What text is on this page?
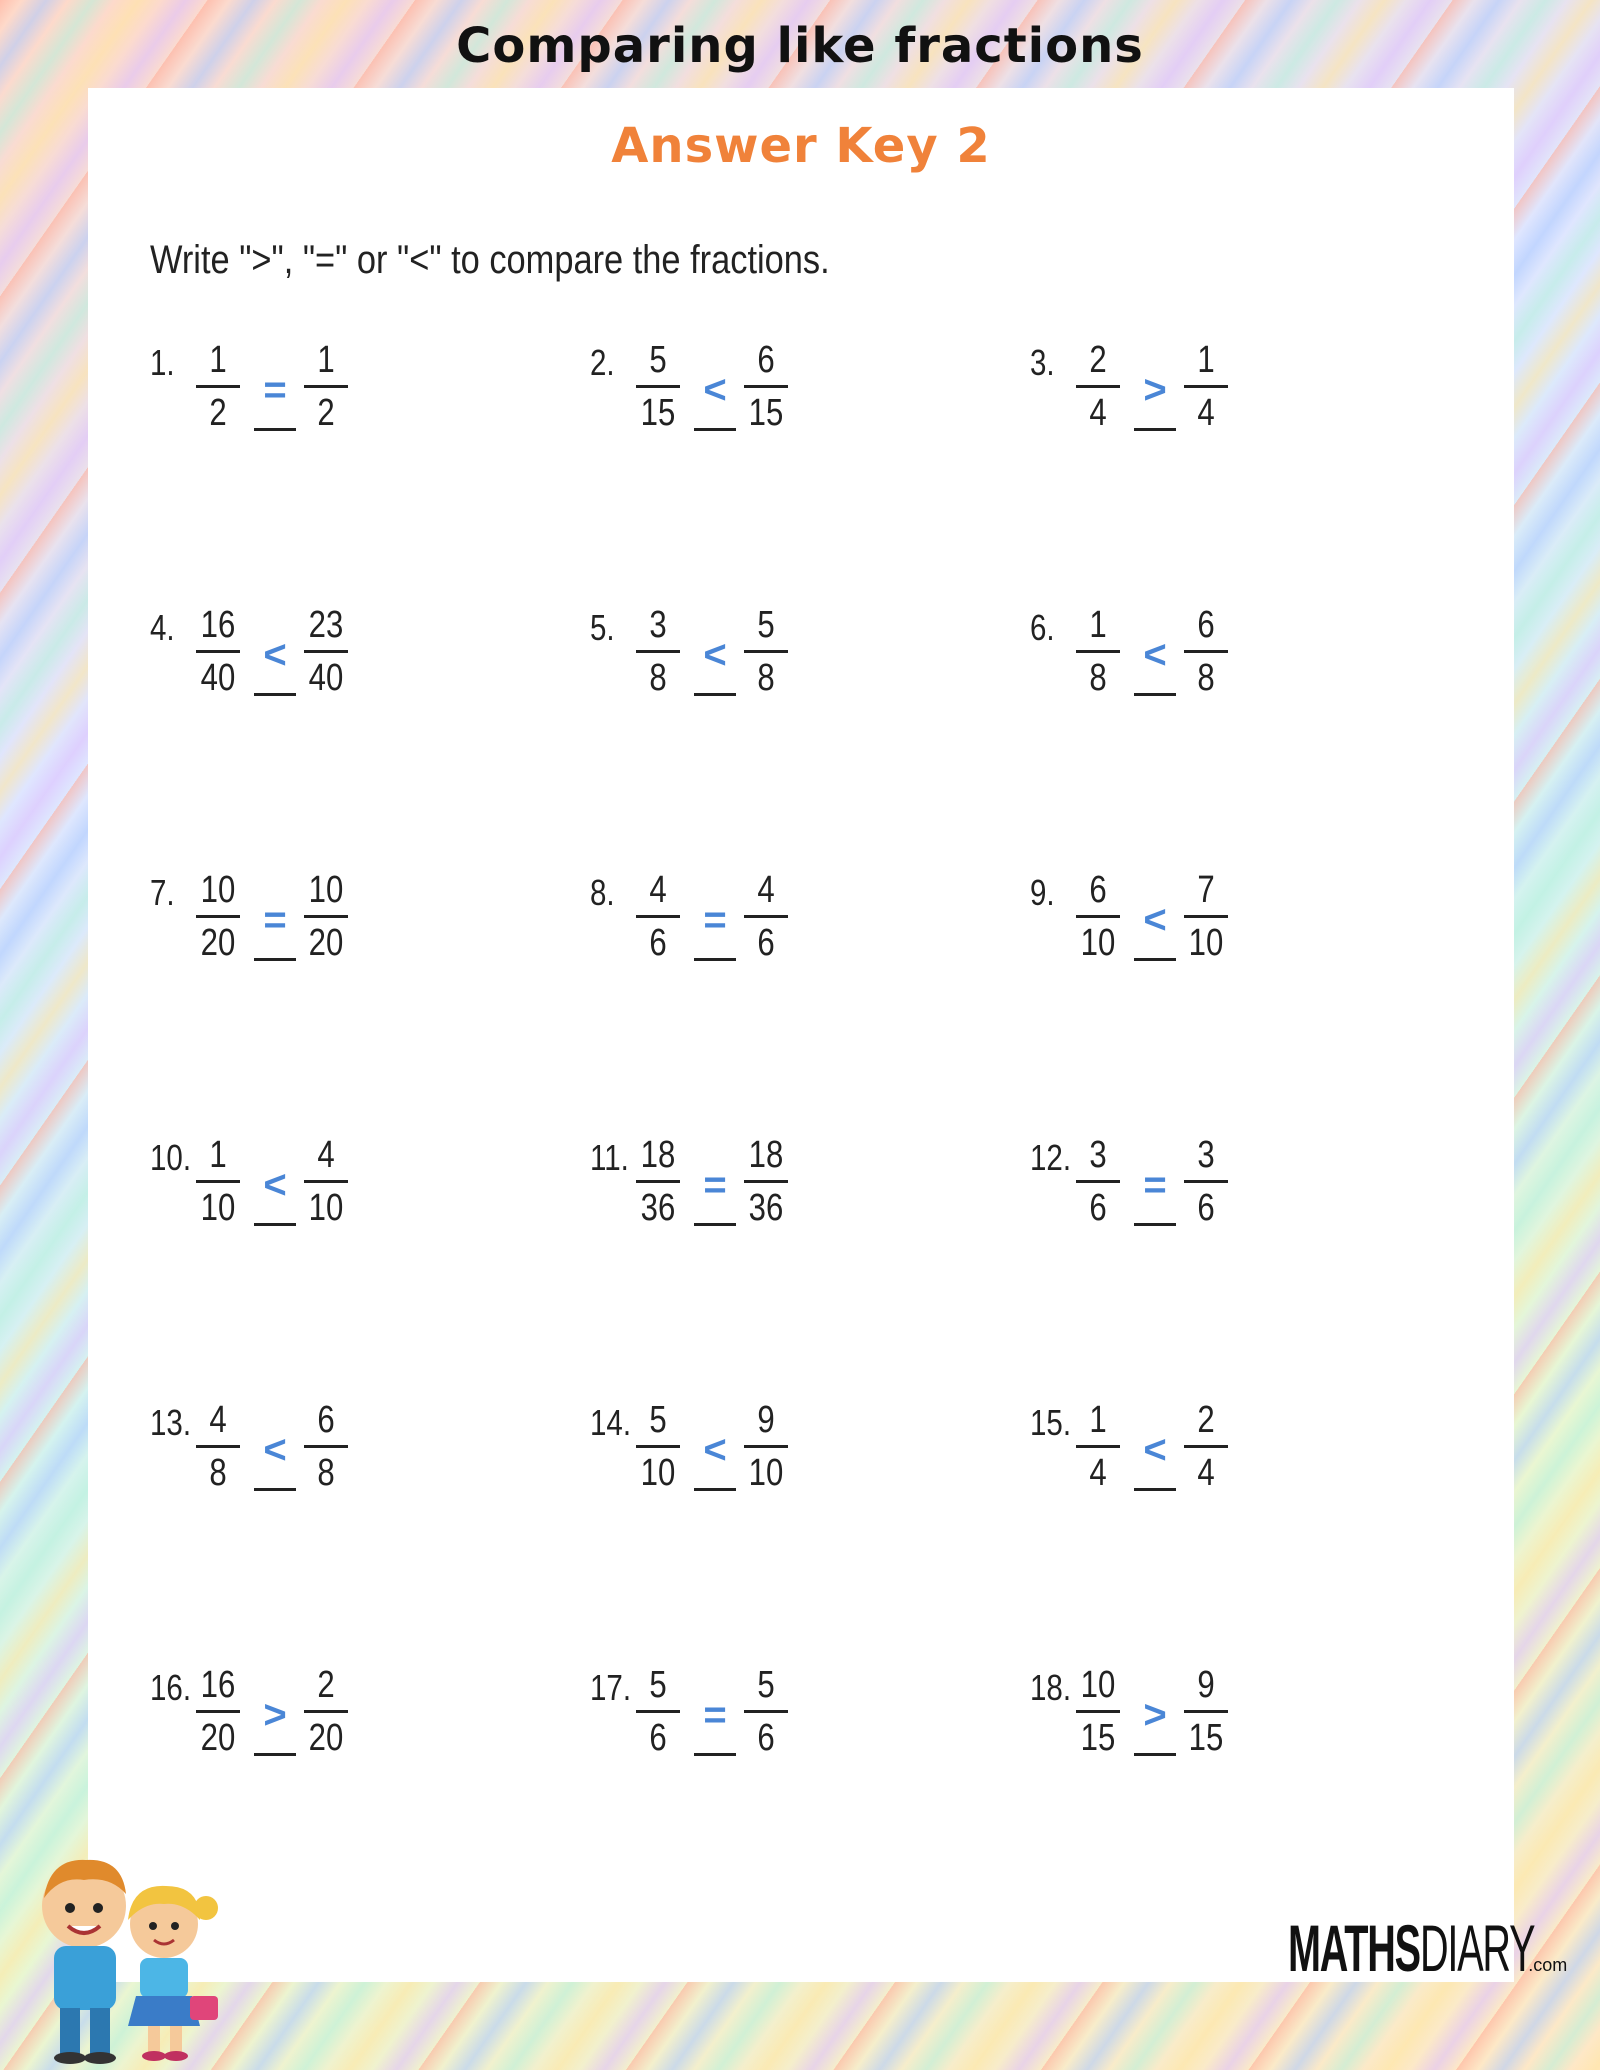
Comparing like fractions
Answer Key 2
Write ">", "=" or "<" to compare the fractions.
1. 1
2
=
1
2
2. 5
15
<
6
15
3. 2
4
>
1
4
4. 16
40
<
23
40
5. 3
8
<
5
8
6. 1
8
<
6
8
7. 10
20
=
10
20
8. 4
6
=
4
6
9. 6
10
<
7
10
10. 1
10
<
4
10
11. 18
36
=
18
36
12. 3
6
=
3
6
13. 4
8
<
6
8
14. 5
10
<
9
10
15. 1
4
<
2
4
16. 16
20
>
2
20
17. 5
6
=
5
6
18. 10
15
>
9
15
MATHSDIARY.com
